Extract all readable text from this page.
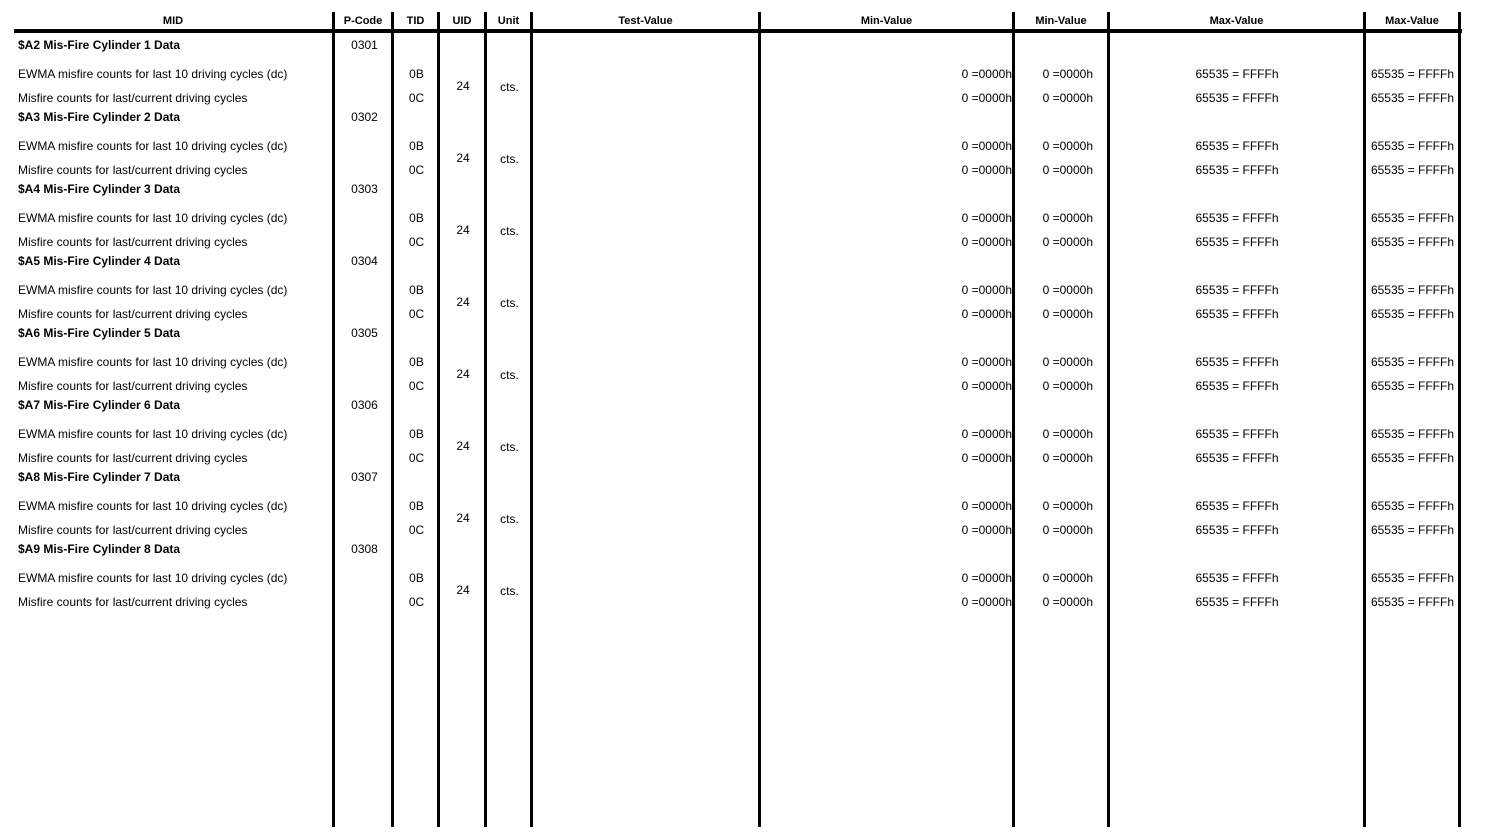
MID	P-Code	TID	UID	Unit	Test-Value	Min-Value	Min-Value	Max-Value	Max-Value
$A2 Mis-Fire Cylinder 1 Data	0301
24	cts.
EWMA misfire counts for last 10 driving cycles (dc)	0B	0 =0000h	0 =0000h	65535 = FFFFh	65535 = FFFFh
Misfire counts for last/current driving cycles	0C	0 =0000h	0 =0000h	65535 = FFFFh	65535 = FFFFh
$A3 Mis-Fire Cylinder 2 Data	0302
24	cts.
EWMA misfire counts for last 10 driving cycles (dc)	0B	0 =0000h	0 =0000h	65535 = FFFFh	65535 = FFFFh
Misfire counts for last/current driving cycles	0C	0 =0000h	0 =0000h	65535 = FFFFh	65535 = FFFFh
$A4 Mis-Fire Cylinder 3 Data	0303
24	cts.
EWMA misfire counts for last 10 driving cycles (dc)	0B	0 =0000h	0 =0000h	65535 = FFFFh	65535 = FFFFh
Misfire counts for last/current driving cycles	0C	0 =0000h	0 =0000h	65535 = FFFFh	65535 = FFFFh
$A5 Mis-Fire Cylinder 4 Data	0304
24	cts.
EWMA misfire counts for last 10 driving cycles (dc)	0B	0 =0000h	0 =0000h	65535 = FFFFh	65535 = FFFFh
Misfire counts for last/current driving cycles	0C	0 =0000h	0 =0000h	65535 = FFFFh	65535 = FFFFh
$A6 Mis-Fire Cylinder 5 Data	0305
24	cts.
EWMA misfire counts for last 10 driving cycles (dc)	0B	0 =0000h	0 =0000h	65535 = FFFFh	65535 = FFFFh
Misfire counts for last/current driving cycles	0C	0 =0000h	0 =0000h	65535 = FFFFh	65535 = FFFFh
$A7 Mis-Fire Cylinder 6 Data	0306
24	cts.
EWMA misfire counts for last 10 driving cycles (dc)	0B	0 =0000h	0 =0000h	65535 = FFFFh	65535 = FFFFh
Misfire counts for last/current driving cycles	0C	0 =0000h	0 =0000h	65535 = FFFFh	65535 = FFFFh
$A8 Mis-Fire Cylinder 7 Data	0307
24	cts.
EWMA misfire counts for last 10 driving cycles (dc)	0B	0 =0000h	0 =0000h	65535 = FFFFh	65535 = FFFFh
Misfire counts for last/current driving cycles	0C	0 =0000h	0 =0000h	65535 = FFFFh	65535 = FFFFh
$A9 Mis-Fire Cylinder 8 Data	0308
24	cts.
EWMA misfire counts for last 10 driving cycles (dc)	0B	0 =0000h	0 =0000h	65535 = FFFFh	65535 = FFFFh
Misfire counts for last/current driving cycles	0C	0 =0000h	0 =0000h	65535 = FFFFh	65535 = FFFFh
